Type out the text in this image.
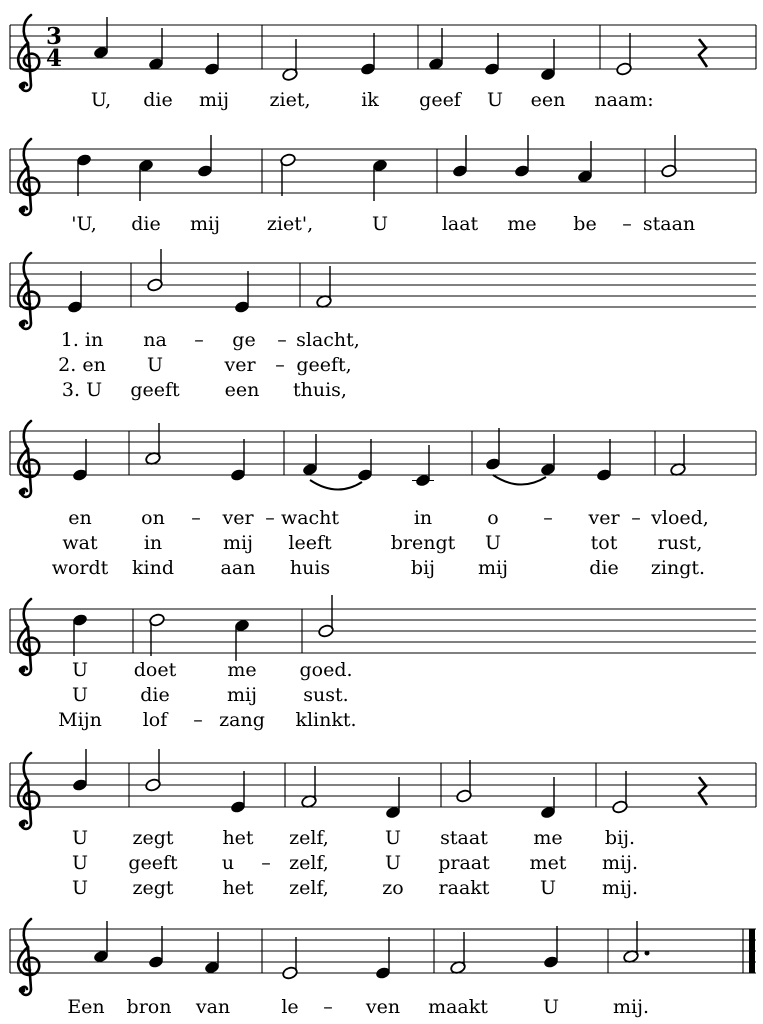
3
4
U, die mij ziet,	ik geef U een naam:
'U, die mij ziet',	U	laat me be – staan
1. in na – ge – slacht,
2. en U	ver – geeft,
3. U geeft een thuis,
en	on – ver – wacht	in	o – ver – vloed,
wat in	mij leeft	brengt U	tot rust,
wordt kind aan huis	bij mij	die zingt.
U doet	me goed.
U	die	mij sust.
Mijn lof – zang klinkt.
U zegt	het zelf,	U staat me bij.
U geeft u – zelf,	U praat met mij.
U zegt	het zelf,	zo raakt	U mij.
Een bron van	le – ven maakt	U	mij.
